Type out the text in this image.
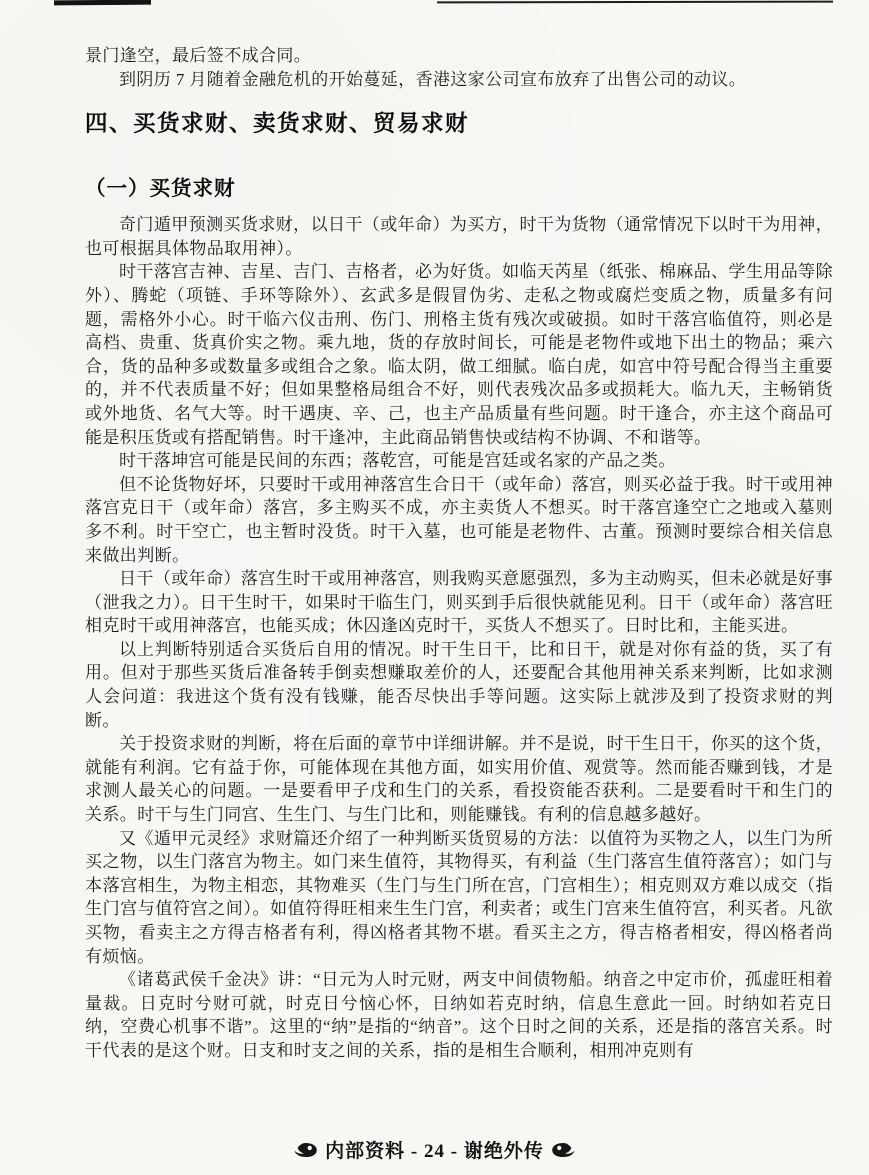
景门逢空，最后签不成合同。

到阴历 7 月随着金融危机的开始蔓延，香港这家公司宣布放弃了出售公司的动议。

四、买货求财、卖货求财、贸易求财
（一）买货求财

奇门遁甲预测买货求财，以日干（或年命）为买方，时干为货物（通常情况下以时干为用神，也可根据具体物品取用神）。

时干落宫吉神、吉星、吉门、吉格者，必为好货。如临天芮星（纸张、棉麻品、学生用品等除外）、腾蛇（项链、手环等除外）、玄武多是假冒伪劣、走私之物或腐烂变质之物，质量多有问题，需格外小心。时干临六仪击刑、伤门、刑格主货有残次或破损。如时干落宫临值符，则必是高档、贵重、货真价实之物。乘九地，货的存放时间长，可能是老物件或地下出土的物品；乘六合，货的品种多或数量多或组合之象。临太阴，做工细腻。临白虎，如宫中符号配合得当主重要的，并不代表质量不好；但如果整格局组合不好，则代表残次品多或损耗大。临九天，主畅销货或外地货、名气大等。时干遇庚、辛、己，也主产品质量有些问题。时干逢合，亦主这个商品可能是积压货或有搭配销售。时干逢冲，主此商品销售快或结构不协调、不和谐等。

时干落坤宫可能是民间的东西；落乾宫，可能是宫廷或名家的产品之类。

但不论货物好坏，只要时干或用神落宫生合日干（或年命）落宫，则买必益于我。时干或用神落宫克日干（或年命）落宫，多主购买不成，亦主卖货人不想买。时干落宫逢空亡之地或入墓则多不利。时干空亡，也主暂时没货。时干入墓，也可能是老物件、古董。预测时要综合相关信息来做出判断。

日干（或年命）落宫生时干或用神落宫，则我购买意愿强烈，多为主动购买，但未必就是好事（泄我之力）。日干生时干，如果时干临生门，则买到手后很快就能见利。日干（或年命）落宫旺相克时干或用神落宫，也能买成；休囚逢凶克时干，买货人不想买了。日时比和，主能买进。

以上判断特别适合买货后自用的情况。时干生日干，比和日干，就是对你有益的货，买了有用。但对于那些买货后准备转手倒卖想赚取差价的人，还要配合其他用神关系来判断，比如求测人会问道：我进这个货有没有钱赚，能否尽快出手等问题。这实际上就涉及到了投资求财的判断。

关于投资求财的判断，将在后面的章节中详细讲解。并不是说，时干生日干，你买的这个货，就能有利润。它有益于你，可能体现在其他方面，如实用价值、观赏等。然而能否赚到钱，才是求测人最关心的问题。一是要看甲子戊和生门的关系，看投资能否获利。二是要看时干和生门的关系。时干与生门同宫、生生门、与生门比和，则能赚钱。有利的信息越多越好。

又《遁甲元灵经》求财篇还介绍了一种判断买货贸易的方法：以值符为买物之人，以生门为所买之物，以生门落宫为物主。如门来生值符，其物得买，有利益（生门落宫生值符落宫）；如门与本落宫相生，为物主相恋，其物难买（生门与生门所在宫，门宫相生）；相克则双方难以成交（指生门宫与值符宫之间）。如值符得旺相来生生门宫，利卖者；或生门宫来生值符宫，利买者。凡欲买物，看卖主之方得吉格者有利，得凶格者其物不堪。看买主之方，得吉格者相安，得凶格者尚有烦恼。

《诸葛武侯千金决》讲：“日元为人时元财，两支中间债物船。纳音之中定市价，孤虚旺相着量裁。日克时兮财可就，时克日兮恼心怀，日纳如若克时纳，信息生意此一回。时纳如若克日纳，空费心机事不谐”。这里的“纳”是指的“纳音”。这个日时之间的关系，还是指的落宫关系。时干代表的是这个财。日支和时支之间的关系，指的是相生合顺利，相刑冲克则有

内部资料 - 24 - 谢绝外传
